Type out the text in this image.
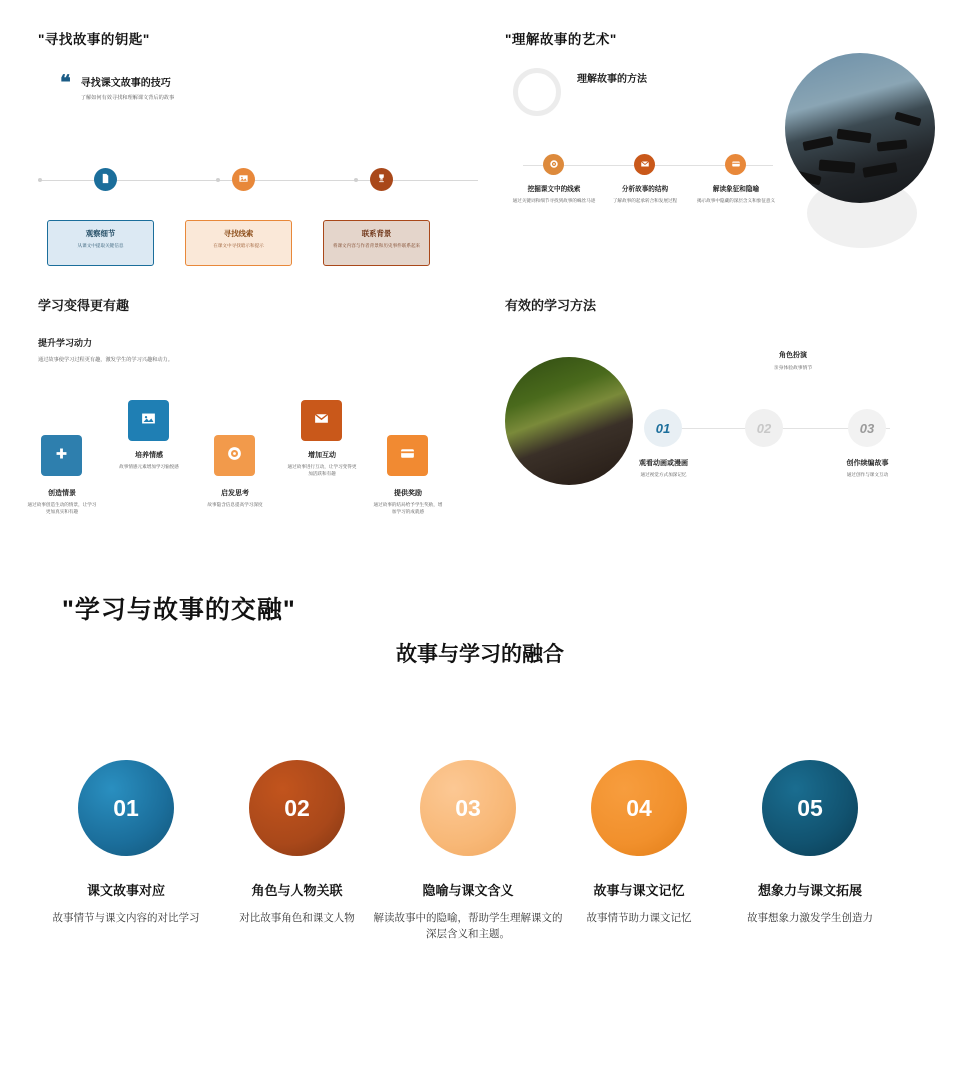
"寻找故事的钥匙"
❝ 寻找课文故事的技巧
了解如何有效寻找和理解课文背后的故事
观察细节
从课文中提取关键信息
寻找线索
在课文中寻找暗示和提示
联系背景
将课文内容与作者背景和历史事件联系起来
"理解故事的艺术"
理解故事的方法
挖掘课文中的线索
通过关键词和细节寻找到故事的蛛丝马迹
分析故事的结构
了解故事的起承转合和发展过程
解读象征和隐喻
揭示故事中隐藏的深层含义和象征意义
学习变得更有趣
提升学习动力
通过故事使学习过程更有趣，激发学生的学习兴趣和动力。
创造情景
通过故事创造生动的情景，让学习更加真实和有趣
培养情感
故事情感元素增加学习愉悦感
启发思考
故事隐含信息提高学习深度
增加互动
通过故事进行互动，让学习变得更加活跃和有趣
提供奖励
通过故事的结局给予学生奖励，增加学习的成就感
有效的学习方法
角色扮演
亲身体验故事情节
01	02	03
观看动画或漫画
通过视觉方式加深记忆
创作续编故事
通过创作与课文互动
"学习与故事的交融"
故事与学习的融合
01	02	03	04	05
课文故事对应
故事情节与课文内容的对比学习
角色与人物关联
对比故事角色和课文人物
隐喻与课文含义
解读故事中的隐喻，帮助学生理解课文的深层含义和主题。
故事与课文记忆
故事情节助力课文记忆
想象力与课文拓展
故事想象力激发学生创造力
